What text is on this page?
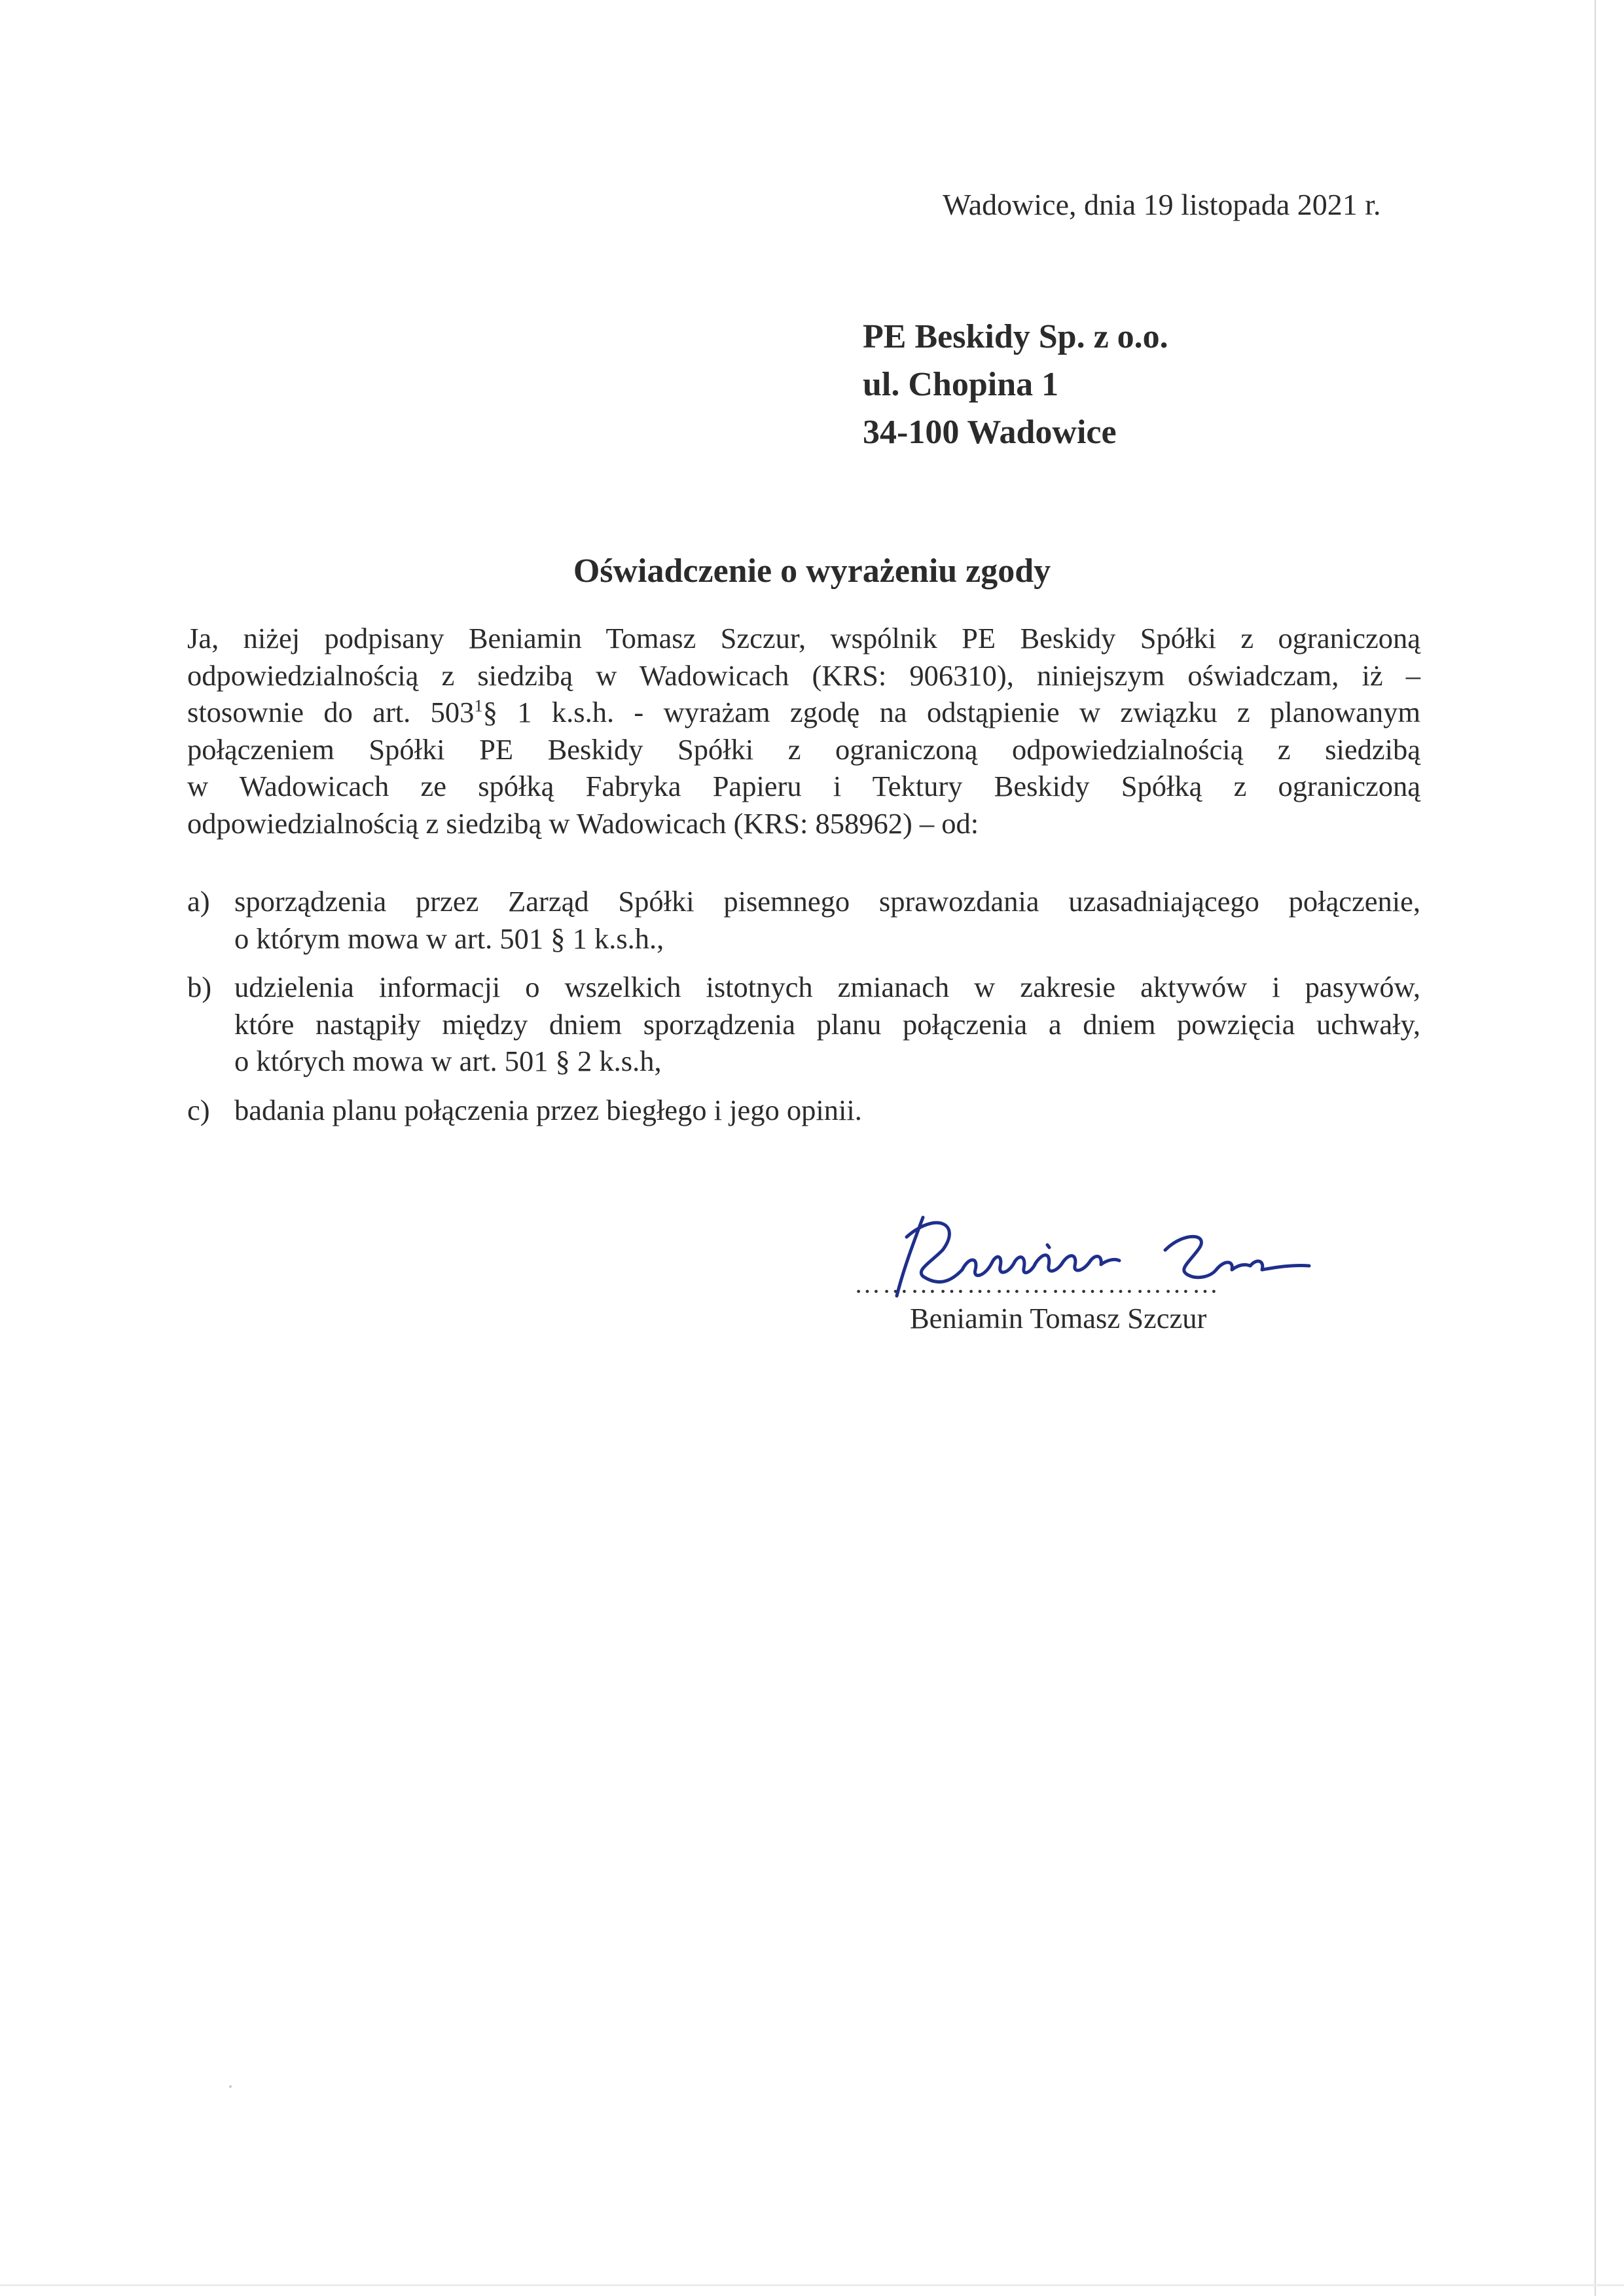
Wadowice, dnia 19 listopada 2021 r.
PE Beskidy Sp. z o.o.
ul. Chopina 1
34-100 Wadowice
Oświadczenie o wyrażeniu zgody
Ja, niżej podpisany Beniamin Tomasz Szczur, wspólnik PE Beskidy Spółki z ograniczoną
odpowiedzialnością z siedzibą w Wadowicach (KRS: 906310), niniejszym oświadczam, iż –
stosownie do art. $503^1\S$ 1 k.s.h. - wyrażam zgodę na odstąpienie w związku z planowanym
połączeniem Spółki PE Beskidy Spółki z ograniczoną odpowiedzialnością z siedzibą
w Wadowicach ze spółką Fabryka Papieru i Tektury Beskidy Spółką z ograniczoną
odpowiedzialnością z siedzibą w Wadowicach (KRS: 858962) – od:
a) sporządzenia przez Zarząd Spółki pisemnego sprawozdania uzasadniającego połączenie,
o którym mowa w art. 501 § 1 k.s.h.,
b) udzielenia informacji o wszelkich istotnych zmianach w zakresie aktywów i pasywów,
które nastąpiły między dniem sporządzenia planu połączenia a dniem powzięcia uchwały,
o których mowa w art. 501 § 2 k.s.h,
c) badania planu połączenia przez biegłego i jego opinii.
…………………………………
Beniamin Tomasz Szczur
